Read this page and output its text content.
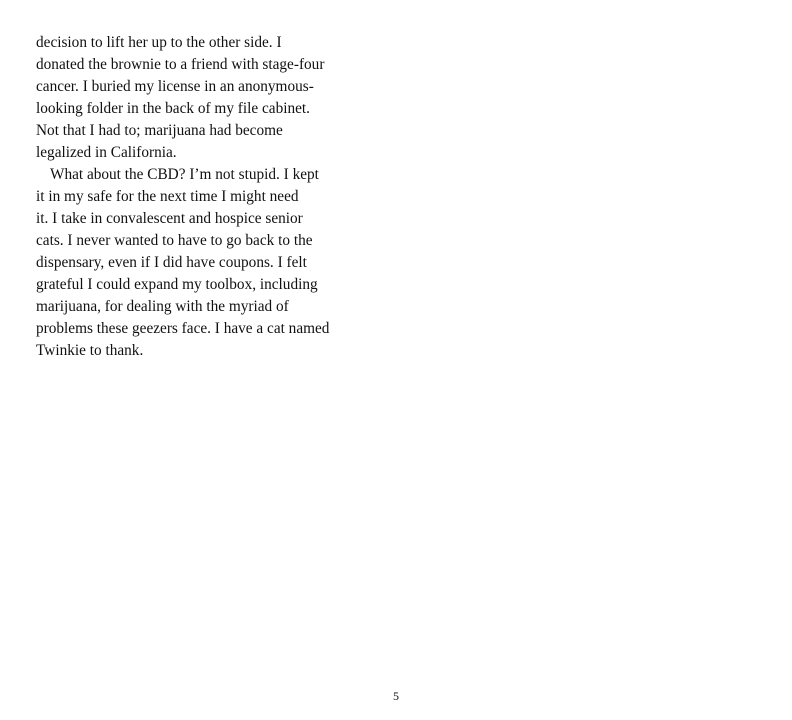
decision to lift her up to the other side. I
donated the brownie to a friend with stage-four
cancer. I buried my license in an anonymous-
looking folder in the back of my file cabinet.
Not that I had to; marijuana had become
legalized in California.
What about the CBD? I’m not stupid. I kept
it in my safe for the next time I might need
it. I take in convalescent and hospice senior
cats. I never wanted to have to go back to the
dispensary, even if I did have coupons. I felt
grateful I could expand my toolbox, including
marijuana, for dealing with the myriad of
problems these geezers face. I have a cat named
Twinkie to thank.
5
